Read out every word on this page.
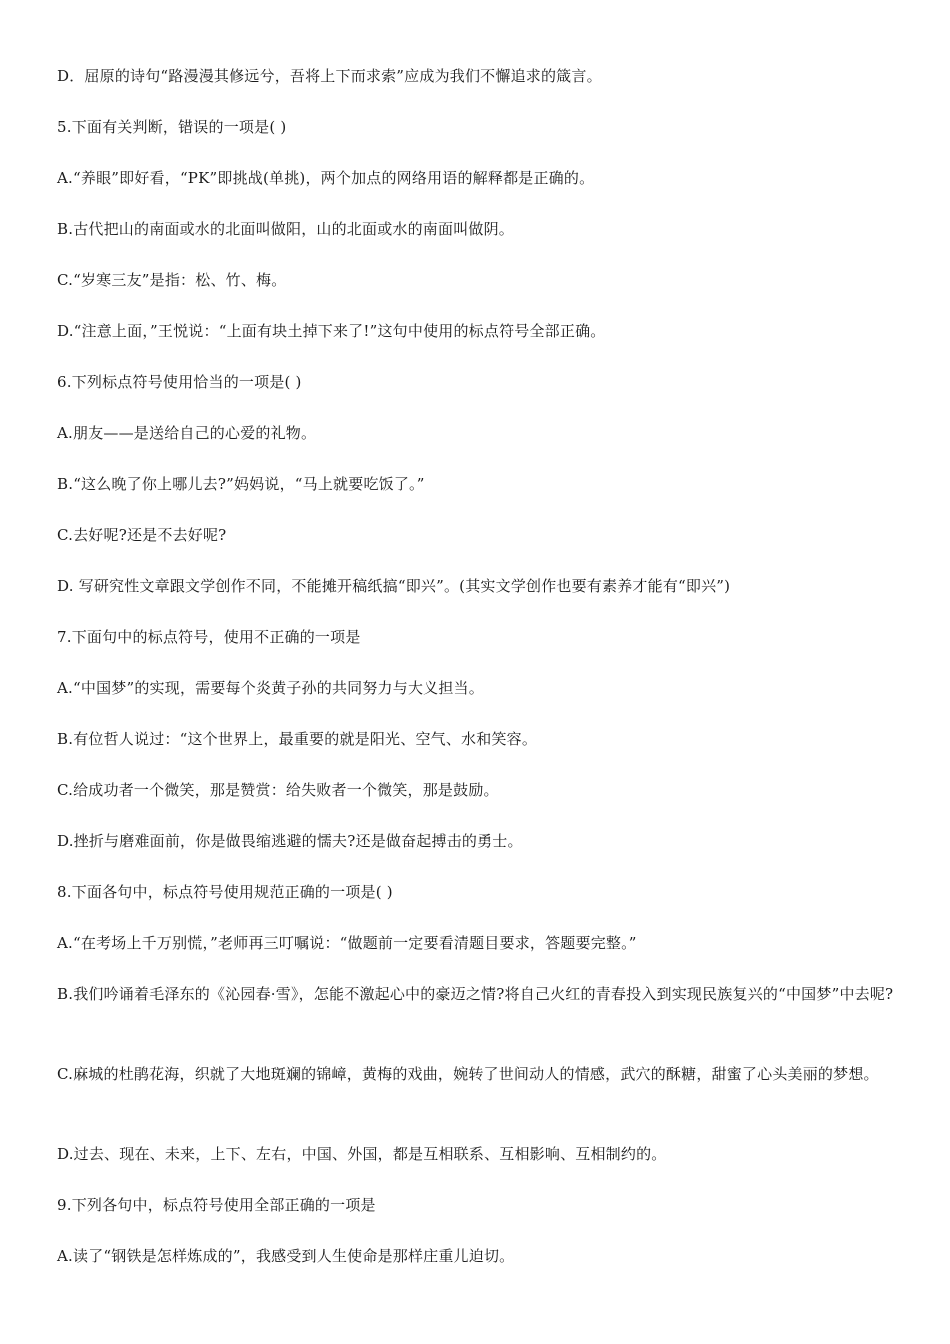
D．屈原的诗句“路漫漫其修远兮，吾将上下而求索”应成为我们不懈追求的箴言。
5.下面有关判断，错误的一项是( )
A.“养眼”即好看，“PK”即挑战(单挑)，两个加点的网络用语的解释都是正确的。
B.古代把山的南面或水的北面叫做阳，山的北面或水的南面叫做阴。
C.“岁寒三友”是指：松、竹、梅。
D.“注意上面，”王悦说：“上面有块土掉下来了!”这句中使用的标点符号全部正确。
6.下列标点符号使用恰当的一项是( )
A.朋友——是送给自己的心爱的礼物。
B.“这么晚了你上哪儿去?”妈妈说，“马上就要吃饭了。”
C.去好呢?还是不去好呢?
D. 写研究性文章跟文学创作不同，不能摊开稿纸搞“即兴”。(其实文学创作也要有素养才能有“即兴”)
7.下面句中的标点符号，使用不正确的一项是
A.“中国梦”的实现，需要每个炎黄子孙的共同努力与大义担当。
B.有位哲人说过：“这个世界上，最重要的就是阳光、空气、水和笑容。
C.给成功者一个微笑，那是赞赏：给失败者一个微笑，那是鼓励。
D.挫折与磨难面前，你是做畏缩逃避的懦夫?还是做奋起搏击的勇士。
8.下面各句中，标点符号使用规范正确的一项是( )
A.“在考场上千万别慌，”老师再三叮嘱说：“做题前一定要看清题目要求，答题要完整。”
B.我们吟诵着毛泽东的《沁园春·雪》，怎能不激起心中的豪迈之情?将自己火红的青春投入到实现民族复兴的“中国梦”中去呢?
C.麻城的杜鹃花海，织就了大地斑斓的锦嶂，黄梅的戏曲，婉转了世间动人的情感，武穴的酥糖，甜蜜了心头美丽的梦想。
D.过去、现在、未来，上下、左右，中国、外国，都是互相联系、互相影响、互相制约的。
9.下列各句中，标点符号使用全部正确的一项是
A.读了“钢铁是怎样炼成的”，我感受到人生使命是那样庄重儿迫切。
